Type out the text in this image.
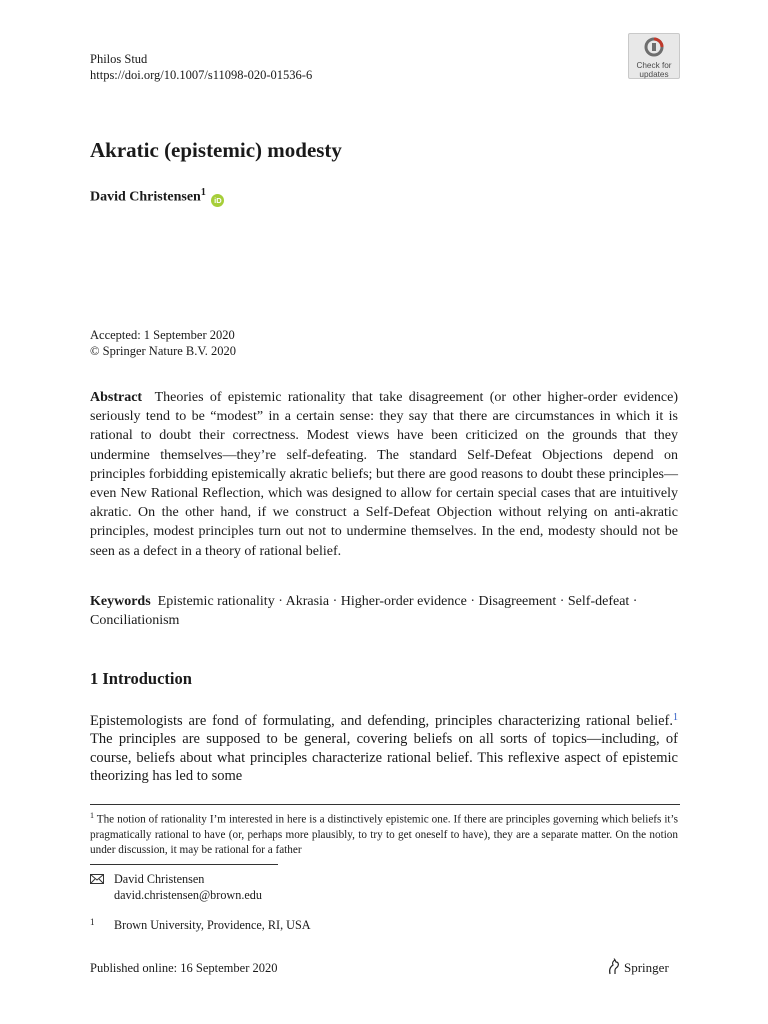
Philos Stud
https://doi.org/10.1007/s11098-020-01536-6
Check for
updates
Akratic (epistemic) modesty
David Christensen$^1$ iD
Accepted: 1 September 2020
© Springer Nature B.V. 2020

Abstract Theories of epistemic rationality that take disagreement (or other higher-order evidence) seriously tend to be “modest” in a certain sense: they say that there are circumstances in which it is rational to doubt their correctness. Modest views have been criticized on the grounds that they undermine themselves—they’re self-defeating. The standard Self-Defeat Objections depend on principles forbidding epistemically akratic beliefs; but there are good reasons to doubt these principles—even New Rational Reflection, which was designed to allow for certain special cases that are intuitively akratic. On the other hand, if we construct a Self-Defeat Objection without relying on anti-akratic principles, modest principles turn out not to undermine themselves. In the end, modesty should not be seen as a defect in a theory of rational belief.

Keywords Epistemic rationality · Akrasia · Higher-order evidence · Disagreement · Self-defeat · Conciliationism
1 Introduction

Epistemologists are fond of formulating, and defending, principles characterizing rational belief.$^1$ The principles are supposed to be general, covering beliefs on all sorts of topics—including, of course, beliefs about what principles characterize rational belief. This reflexive aspect of epistemic theorizing has led to some

$^1$ The notion of rationality I’m interested in here is a distinctively epistemic one. If there are principles governing which beliefs it’s pragmatically rational to have (or, perhaps more plausibly, to try to get oneself to have), they are a separate matter. On the notion under discussion, it may be rational for a father

David Christensen
david.christensen@brown.edu
1 Brown University, Providence, RI, USA
Published online: 16 September 2020	Springer
